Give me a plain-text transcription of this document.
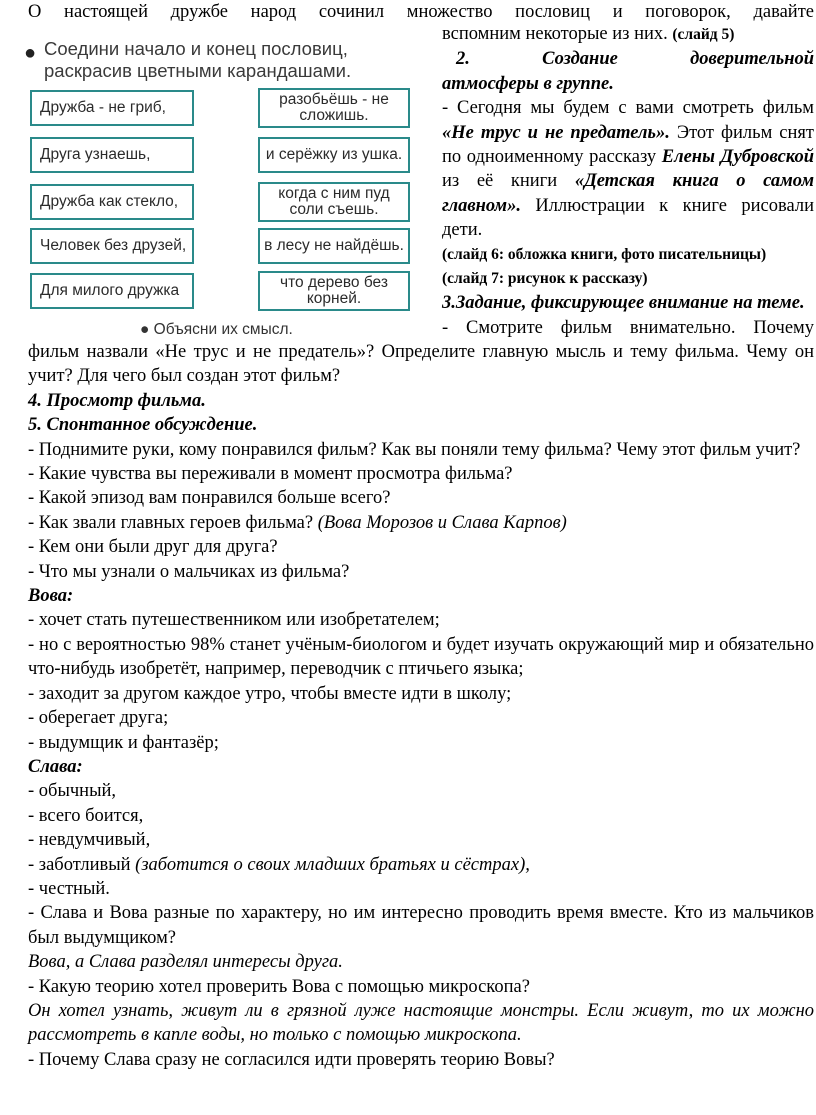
О настоящей дружбе народ сочинил множество пословиц и поговорок, давайте

● Соедини начало и конец пословиц,
раскрасив цветными карандашами.
Дружба - не гриб,
Друга узнаешь,
Дружба как стекло,
Человек без друзей,
Для милого дружка
разобьёшь - не сложишь.
и серёжку из ушка.
когда с ним пуд соли съешь.
в лесу не найдёшь.
что дерево без корней.
● Объясни их смысл.

вспомним некоторые из них. (слайд 5)

2.	Создание	доверительной

атмосферы в группе.

- Сегодня мы будем с вами смотреть фильм «Не трус и не предатель». Этот фильм снят по одноименному рассказу Елены Дубровской из её книги «Детская книга о самом главном». Иллюстрации к книге рисовали дети.

(слайд 6: обложка книги, фото писательницы)

(слайд 7: рисунок к рассказу)

3.Задание, фиксирующее внимание на теме.

- Смотрите фильм внимательно. Почему

фильм назвали «Не трус и не предатель»? Определите главную мысль и тему фильма. Чему он учит? Для чего был создан этот фильм?

4. Просмотр фильма.

5. Спонтанное обсуждение.

- Поднимите руки, кому понравился фильм? Как вы поняли тему фильма? Чему этот фильм учит?

- Какие чувства вы переживали в момент просмотра фильма?

- Какой эпизод вам понравился больше всего?

- Как звали главных героев фильма? (Вова Морозов и Слава Карпов)

- Кем они были друг для друга?

- Что мы узнали о мальчиках из фильма?

Вова:

- хочет стать путешественником или изобретателем;

- но с вероятностью 98% станет учёным-биологом и будет изучать окружающий мир и обязательно что-нибудь изобретёт, например, переводчик с птичьего языка;

- заходит за другом каждое утро, чтобы вместе идти в школу;

- оберегает друга;

- выдумщик и фантазёр;

Слава:

- обычный,

- всего боится,

- невдумчивый,

- заботливый (заботится о своих младших братьях и сёстрах),

- честный.

- Слава и Вова разные по характеру, но им интересно проводить время вместе. Кто из мальчиков был выдумщиком?

Вова, а Слава разделял интересы друга.

- Какую теорию хотел проверить Вова с помощью микроскопа?

Он хотел узнать, живут ли в грязной луже настоящие монстры. Если живут, то их можно рассмотреть в капле воды, но только с помощью микроскопа.

- Почему Слава сразу не согласился идти проверять теорию Вовы?
